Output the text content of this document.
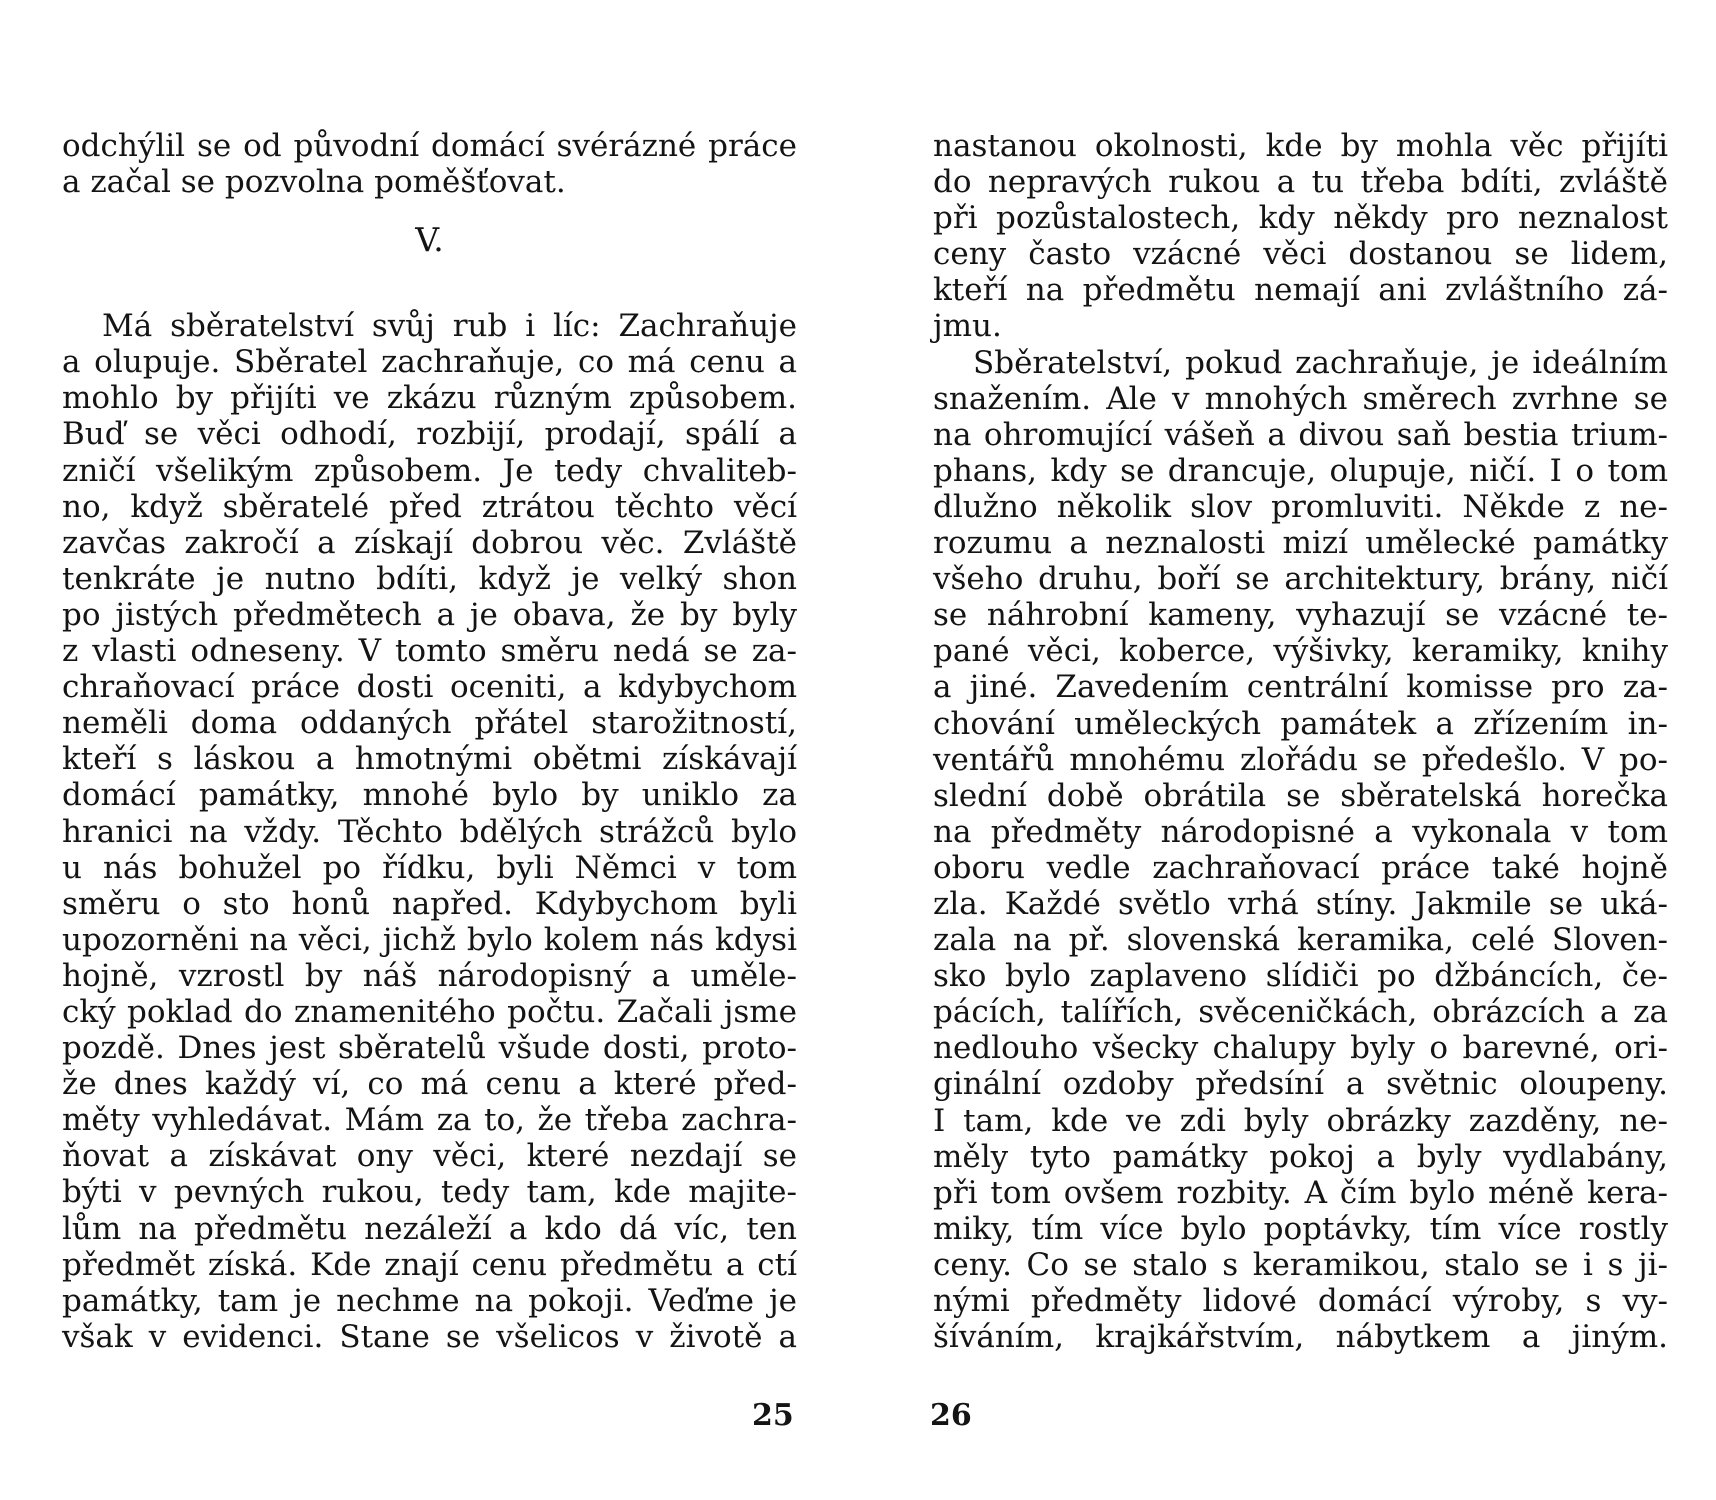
odchýlil se od původní domácí svérázné práce
a začal se pozvolna poměšťovat.
V.
Má sběratelství svůj rub i líc: Zachraňuje
a olupuje. Sběratel zachraňuje, co má cenu a
mohlo by přijíti ve zkázu různým způsobem.
Buď se věci odhodí, rozbijí, prodají, spálí a
zničí všelikým způsobem. Je tedy chvalitеb-
no, když sběratelé před ztrátou těchto věcí
zavčas zakročí a získají dobrou věc. Zvláště
tenkráte je nutno bdíti, když je velký shon
po jistých předmětech a je obava, že by byly
z vlasti odneseny. V tomto směru nedá se za-
chraňovací práce dosti oceniti, a kdybychom
neměli doma oddaných přátel starožitností,
kteří s láskou a hmotnými obětmi získávají
domácí památky, mnohé bylo by uniklo za
hranici na vždy. Těchto bdělých strážců bylo
u nás bohužel po řídku, byli Němci v tom
směru o sto honů napřed. Kdybychom byli
upozorněni na věci, jichž bylo kolem nás kdysi
hojně, vzrostl by náš národopisný a uměle-
cký poklad do znamenitého počtu. Začali jsme
pozdě. Dnes jest sběratelů všude dosti, proto-
že dnes každý ví, co má cenu a které před-
měty vyhledávat. Mám za to, že třeba zachra-
ňovat a získávat ony věci, které nezdají se
býti v pevných rukou, tedy tam, kde majite-
lům na předmětu nezáleží a kdo dá víc, ten
předmět získá. Kde znají cenu předmětu a ctí
památky, tam je nechme na pokoji. Veďme je
však v evidenci. Stane se všelicos v životě a
25
nastanou okolnosti, kde by mohla věc přijíti
do nepravých rukou a tu třeba bdíti, zvláště
při pozůstalostech, kdy někdy pro neznalost
ceny často vzácné věci dostanou se lidem,
kteří na předmětu nemají ani zvláštního zá-
jmu.
Sběratelství, pokud zachraňuje, je ideálním
snažením. Ale v mnohých směrech zvrhne se
na ohromující vášeň a divou saň bestia trium-
phans, kdy se drancuje, olupuje, ničí. I o tom
dlužno několik slov promluviti. Někde z ne-
rozumu a neznalosti mizí umělecké památky
všeho druhu, boří se architektury, brány, ničí
se náhrobní kameny, vyhazují se vzácné te-
pané věci, koberce, výšivky, keramiky, knihy
a jiné. Zavedením centrální komisse pro za-
chování uměleckých památek a zřízením in-
ventářů mnohému zlořádu se předešlo. V po-
slední době obrátila se sběratelská horečka
na předměty národopisné a vykonala v tom
oboru vedle zachraňovací práce také hojně
zla. Každé světlo vrhá stíny. Jakmile se uká-
zala na př. slovenská keramika, celé Sloven-
sko bylo zaplaveno slídiči po džbáncích, če-
pácích, talířích, svěcеničkách, obrázcích a za
nedlouho všecky chalupy byly o barevné, ori-
ginální ozdoby předsíní a světnic oloupeny.
I tam, kde ve zdi byly obrázky zazděny, ne-
měly tyto památky pokoj a byly vydlabány,
při tom ovšem rozbity. A čím bylo méně kera-
miky, tím více bylo poptávky, tím více rostly
ceny. Co se stalo s keramikou, stalo se i s ji-
nými předměty lidové domácí výroby, s vy-
šíváním, krajkářstvím, nábytkem a jiným.
26
